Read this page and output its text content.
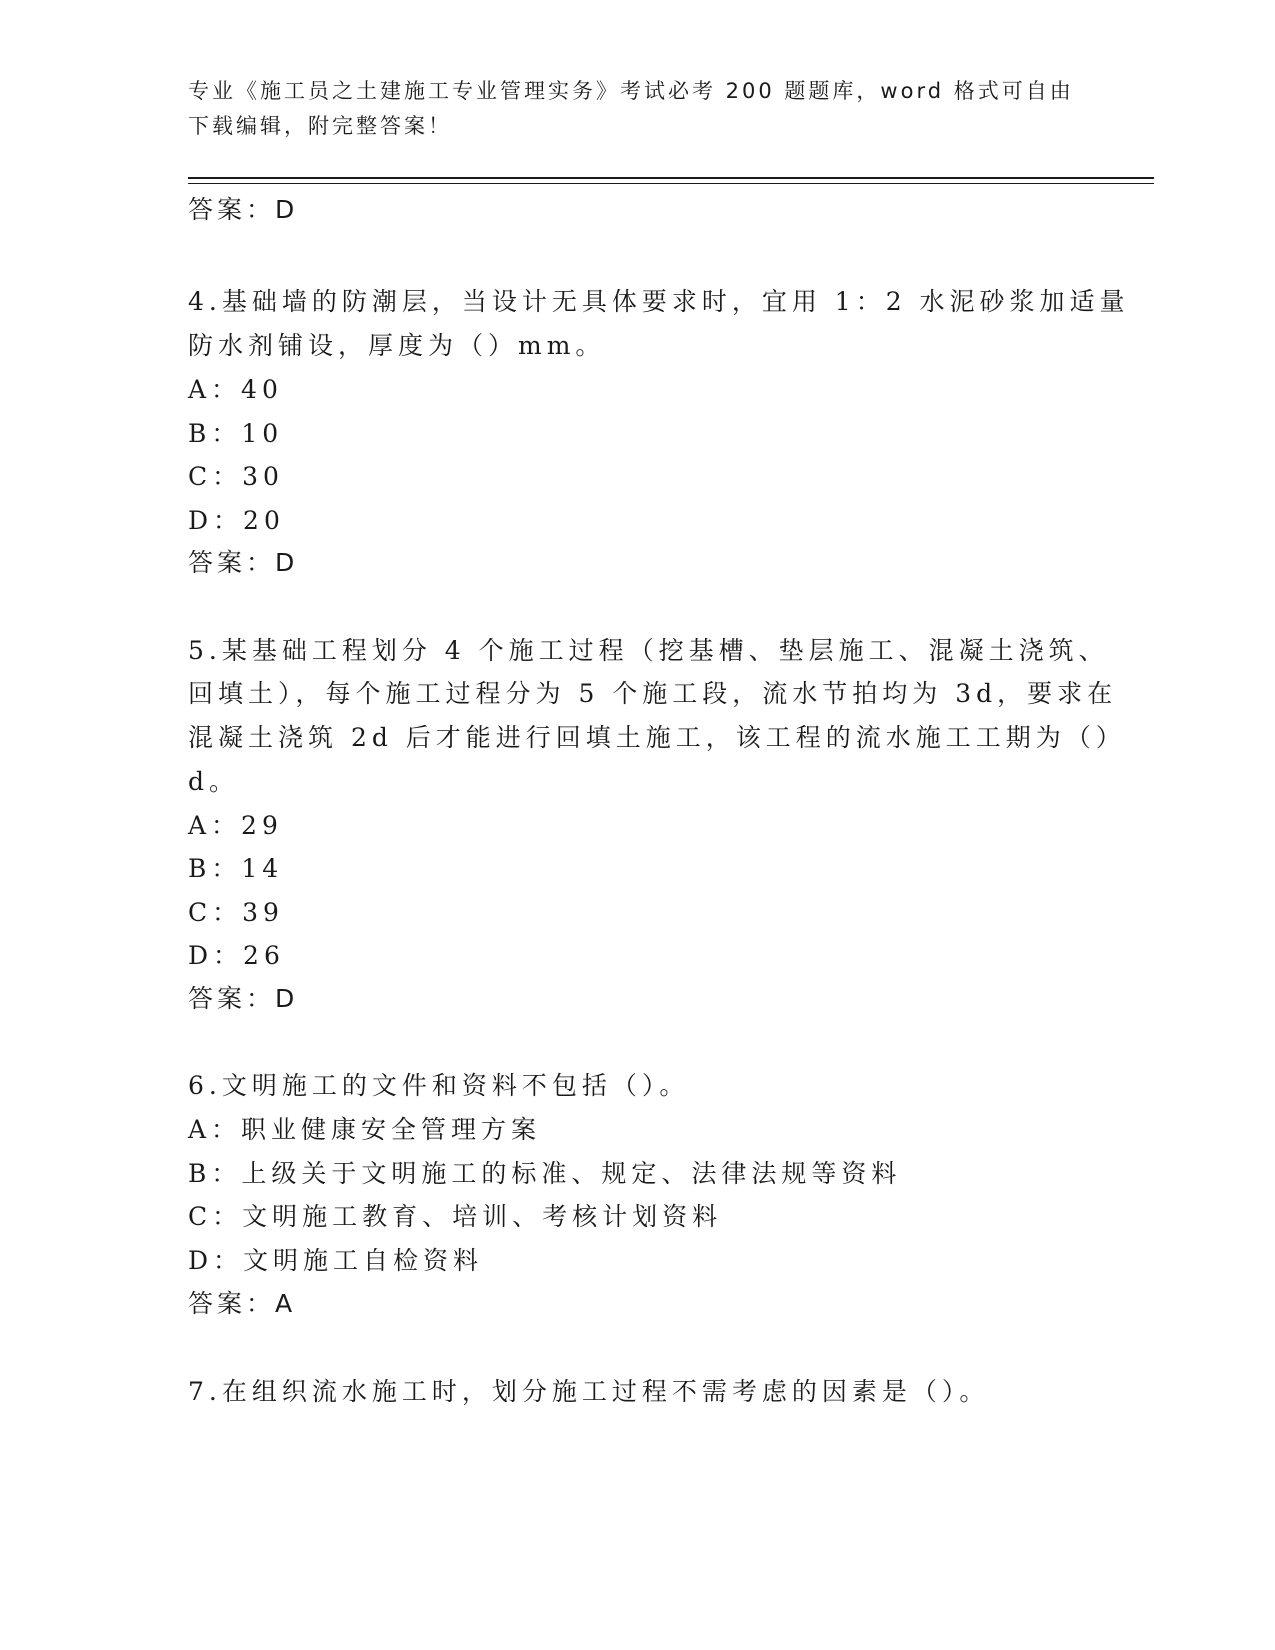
专业《施工员之土建施工专业管理实务》考试必考 200 题题库，word 格式可自由
下载编辑，附完整答案！
答案：D
4.基础墙的防潮层，当设计无具体要求时，宜用 1：2 水泥砂浆加适量
防水剂铺设，厚度为（）mm。
A：40
B：10
C：30
D：20
答案：D
5.某基础工程划分 4 个施工过程（挖基槽、垫层施工、混凝土浇筑、
回填土），每个施工过程分为 5 个施工段，流水节拍均为 3d，要求在
混凝土浇筑 2d 后才能进行回填土施工，该工程的流水施工工期为（）
d。
A：29
B：14
C：39
D：26
答案：D
6.文明施工的文件和资料不包括（）。
A：职业健康安全管理方案
B：上级关于文明施工的标准、规定、法律法规等资料
C：文明施工教育、培训、考核计划资料
D：文明施工自检资料
答案：A
7.在组织流水施工时，划分施工过程不需考虑的因素是（）。
